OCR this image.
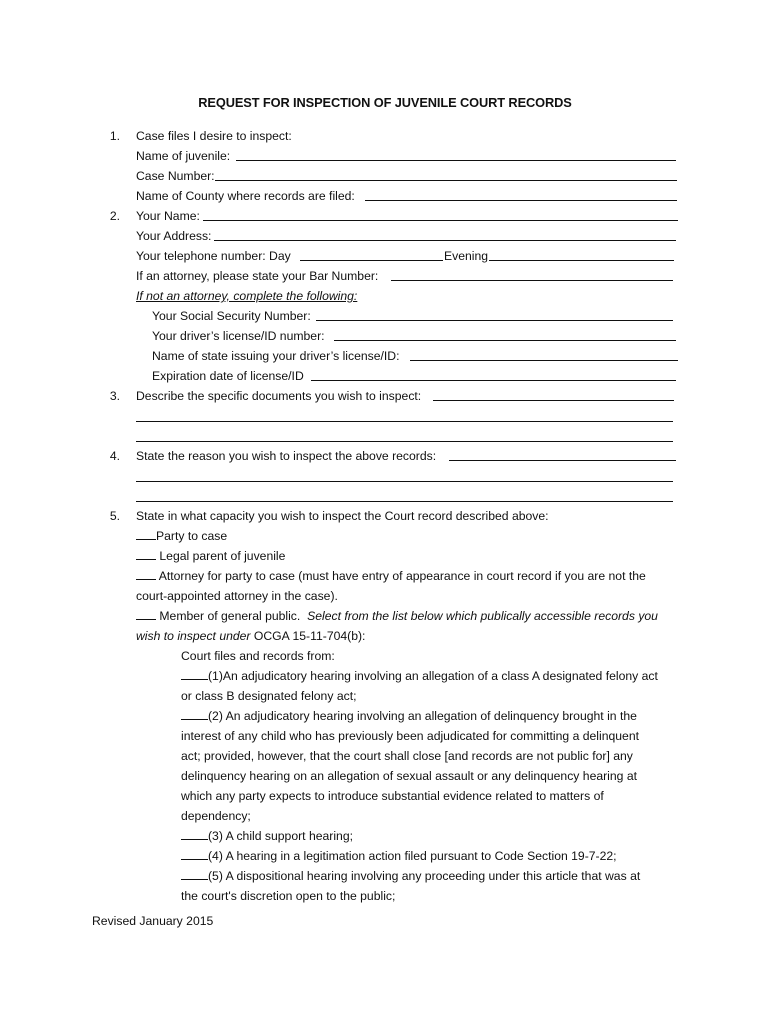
REQUEST FOR INSPECTION OF JUVENILE COURT RECORDS
1. Case files I desire to inspect:
Name of juvenile:
Case Number:
Name of County where records are filed:
2. Your Name:
Your Address:
Your telephone number: Day	Evening
If an attorney, please state your Bar Number:
If not an attorney, complete the following:
Your Social Security Number:
Your driver’s license/ID number:
Name of state issuing your driver’s license/ID:
Expiration date of license/ID
3. Describe the specific documents you wish to inspect:
4. State the reason you wish to inspect the above records:
5. State in what capacity you wish to inspect the Court record described above:
Party to case
Legal parent of juvenile
Attorney for party to case (must have entry of appearance in court record if you are not the
court-appointed attorney in the case).
Member of general public. Select from the list below which publically accessible records you
wish to inspect under OCGA 15-11-704(b):
Court files and records from:
(1)An adjudicatory hearing involving an allegation of a class A designated felony act
or class B designated felony act;
(2) An adjudicatory hearing involving an allegation of delinquency brought in the
interest of any child who has previously been adjudicated for committing a delinquent
act; provided, however, that the court shall close [and records are not public for] any
delinquency hearing on an allegation of sexual assault or any delinquency hearing at
which any party expects to introduce substantial evidence related to matters of
dependency;
(3) A child support hearing;
(4) A hearing in a legitimation action filed pursuant to Code Section 19-7-22;
(5) A dispositional hearing involving any proceeding under this article that was at
the court's discretion open to the public;
Revised January 2015
